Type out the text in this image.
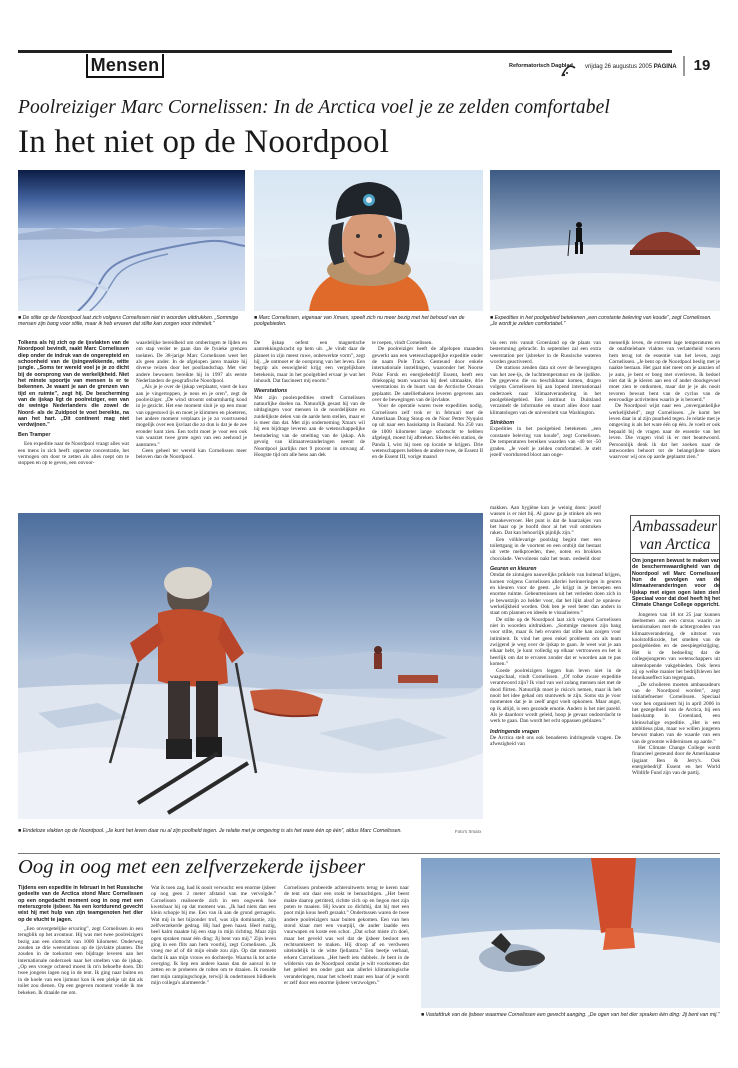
Mensen	Reformatorisch Dagblad vrijdag 26 augustus 2005 PAGINA	19
Poolreiziger Marc Cornelissen: In de Arctica voel je ze zelden comfortabel
In het niet op de Noordpool
■ De stilte op de Noordpool laat zich volgens Cornelissen niet in woorden uitdrukken. „Sommige mensen zijn bang voor stilte, maar ik heb ervaren dat stilte kan zorgen voor intimiteit.”
■ Marc Cornelissen, eigenaar van Xmarx, speelt zich nu meer bezig met het behoud van de poolgebieden.
■ Expedities in het poolgebied betekenen „een constante beleving van koude”, zegt Cornelissen. „Je wordt je zelden comfortabel.”

Tolkens als hij zich op de ijsvlakten van de Noordpool bevindt, raakt Marc Cornelissen diep onder de indruk van de ongerepteid en schoonheid van de ijsingewikkende, witte jungle. „Soms ter wereld voel je je zo dicht bij de oorsprong van de werkelijkheid. Niet het minste spoortje van mensen is er te bekennen. Je waant je aan de grenzen van tijd en ruimte”, zegt hij. De bescherming van de ijskap ligt de poolreiziger, een van de weinige Nederlanders die zowel de Noord- als de Zuidpool te voet bereikte, na aan het hart. „Dit continent mag niet verdwijnen.”

Ben Tramper

Een expeditie naar de Noordpool vraagt alles wat een mens in zich heeft: opperste concentratie, het vermogen om door te zetten als alles roept om te stoppen en op te geven, een onvoor-

waardelijke bereidheid om omberingen te lijden en om stap verder te gaan dan de fysieke grenzen toelaten. De 38-jarige Marc Cornelissen weet het als geen ander. In de afgelopen jaren maakte hij diverse reizen door het poollandschap. Met vier andere bewoners bereikte hij in 1997 als eerste Nederlanders de geografische Noordpool.

„Als je je over de ijskap verplaatst, voert de kou aan je vingertoppen, je neus en je oren”, zegt de poolreiziger. „De wind stroomt onbarmhartig koud in je gezicht. Het ene moment sluit je op een muur van opgestuwd ijs en moet je klimmen en ploeteren, het andere moment verplaats je je zo voortvarend mogelijk over een ijsvlaat die zo dun is dat je de zee eronder kunt zien. Een tocht moet je voor een ook van waarzet twee grote ogen van een zeehond je aanstaren.”

Geen geheel ter wereld kan Cornelissen meer beloven dan de Noordpool.

De ijskap oefent een magnetische aantrekkingskracht op hem uit. „Je vindt daar de planeet in zijn meest ruwe, onbewerkte vorm”, zegt hij. „Je ontmoet er de oorsprong van het leven. Een begrip als eeuwigheid krijg een vergelijkbare betekenis, maar in het poolgebied ervaar je wat het inhoudt. Dat fascineert mij enorm.”

Weerstations

Met zijn poolexpedities streeft Cornelissen natuurlijke doelen na. Natuurlijk gesast hij van de uitdagingen voor mensen in de noordelijkste en zuidelijkste delen van de aarde hem stellen, maar er is meer dan dat. Met zijn onderneming Xmarx wil hij een bijdrage leveren aan de wetenschappelijke bestudering van de smelting van de ijskap. Als gevolg van klimaatveranderingen neemt de Noordpool jaarlijks met 9 procent in omvang af. Hoogste tijd om alle hens aan dek

te roepen, vindt Cornelissen.

De poolreiziger heeft de afgelopen maanden gewerkt aan een wetenschappelijke expeditie onder de naam Pole Track. Gesteund door enkele internationale instellingen, waaronder het Noorse Polar Forsk en energiebedrijf Essent, heeft een driekoppig team waarvan hij deel uitmaakte, drie weerstations in de buurt van de Arctische Oceaan geplaatst. De satellietbakens leveren gegevens aan over de bewegingen van de ijsvlakte.

Voor de operatie waren twee expedities nodig. Cornelissen zelf trok er in februari met de Amerikaan Doug Stoup en de Noor Petter Nyquist op uit naar een basiskamp in Rusland. Na 250 van de 1000 kilometer lange schotscht te hebben afgelegd, moest hij afbreken. Skeltes één station, de Panda I, wist hij toen op locatie te krijgen. Drie wetenschappers hebben de andere twee, de Essent II en de Essent III, vorige maand

via een reis vanuit Groenland op de plaats van bestemming gebracht. In september zal een extra weerstation per ijsbreker in de Russische wateren worden geactiveerd.

De stations zenden data uit over de bewegingen van het zee-ijs, de luchttemperatuur en de ijsdikte. De gegevens die nu beschikbaar komen, dragen volgens Cornelissen bij aan lopend internationaal onderzoek naar klimaatverandering in het poolgebiedgebied. Een instituut in Duitsland verzamelt de informatie en stuurt alles door naar klimatologen van de universiteit van Washington.

Stinkbom

Expedities in het poolgebied betekenen „een constante beleving van koude”, zegt Cornelissen. De temperaturen bereiken waarden van -40 tot -50 graden. „Je voelt je zelden comfortabel. Je stelt jezelf voortdurend bloot aan onge-

menselijk leven, de extreem lage temperaturen en de onafstelebare vlaktes van verlaterheid voeren hem terug tot de essentie van het leven, zegt Cornelissen. „Je bent op de Noordpool beslig met je naakte bestaan. Het gaat niet meer om je aanzien of je auto, je bent er boeg met overleven. Ik bedoel niet dat ik je kleren aan een of ander doodsgevoel moet zien te ontkomen, maar dat je je als nooit tevoren bewust bent van de cyclus van de eenvoudige activiteiten waarin je is beroerd.”

De Noordpool wijst naar een „onvergankelijke werkelijkheid”, zegt Cornelissen. „Je komt het leven daar in al zijn puurheid tegen. Je relatie met je omgeving is als het ware één op één. Je voelt er ook bepaald bij de vragen naar de essentie van het leven. Die vragen vind ik er met beantwoord. Persoonlijk denk ik dat het zoeken naar de antwoorden behoort tot de belangrijkste taken waarvoor wij ons op aarde geplaatst zien.”

■ Eindeloze vlakten op de Noordpool. „Je kunt het leven daar nu al zijn poolheld tegen. Je relatie met je omgeving is als het ware één op één”, aldus Marc Cornelissen.	Foto's Xmarx

makken. Aan hygiëne kun je weinig doen: jezelf wassen is er niet bij. Al gauw ga je stinken als een smaakevervoer. Het punt is dat de haarzakjes van het haar op je hoofd door al het vuil ontstoken raken. Dat kan behoorlijk pijnlijk zijn.”

Een vólklevarige poolslag begint met een toilettgang in de voortent en een ontbijt dat bestaat uit vette melkproeden, thee, noten en brokken chocolade. Vervolgens pakt het team, gedeeld door

Geuren en kleuren

Omdat de zintuigen nauwelijks prikkels van buitenaf krijgen, komen volgens Cornelissen allerlei herinneringen in geuren en kleuren voor de geest. „Je krijgt in je beroepen een enorme ruimte. Gebeurtenissen uit het verleden doen zich in je bewustzijn zo helder voor, dat het lijkt alsof ze opnieuw werkelijkheid worden. Ook ben je veel beter dan anders in staat om plannen en ideeën te visualiseren.”

De stilte op de Noordpool laat zich volgens Cornelissen niet in woorden uitdrukken. „Sommige mensen zijn bang voor stilte, maar ik heb ervaren dat stilte kan zorgen voor intimiteit. Ik vind het geen enkel probleem om als team zwijgend je weg over de ijskap te gaan. Je weet wat je aan elkaar hebt, je kunt volledig op elkaar vertrouwen en het is heerlijk om dat te ervaren zonder dat er woorden aan te pas komen.”

Goede poolreizigers leggen hun leven niet in de waagschaal, vindt Cornelissen. „Of rolke zware expeditie verantwoord zijn? Ik vind van wel zolang mensen niet met de dood flirten. Natuurlijk moet je risico's nemen, maar ik heb nooit het idee gehad om stuntwerk te zijn. Soms sta je voor momenten dat je in zeelf angst voelt opkomen. Maar angst, op ik altijd, is een gezonde emotie. Anders is het niet pareld. Als je daardoor wordt geleid, hoop je gevaar ondoordacht te werk te gaan. Dan wordt het echt oppassen geblazen.”

Indringende vragen

De Arctica stelt ons ook benaderen indringende vragen. De afwezigheid van

Ambassadeur van Arctica

Om jongeren bewust te maken van de beschermwaardigheid van de Noordpool wil Marc Cornelissen hun de gevolgen van de klimaatveranderingen voor de ijskap met eigen ogen laten zien. Speciaal voor dat doel heeft hij het Climate Change College opgericht.

Jongeren van 18 tot 25 jaar kunnen deelnemen aan een cursus waarin ze kennismaken met de achtergronden van klimaatverandering, de uitstoot van koolstofdioxide, het smelten van de poolgebieden en de zeespiegelstijging. Het is de bedoeling dat de collegejongeren van wetenschappers uit uiteenlopende vakgebieden. Ook leren zij op welke manier het bedrijfsleven het broeikaseffect kan tegengaan.

„De scholieren moeten ambassadeurs van de Noordpool worden”, zegt initiatiefnemer Cornelissen. Speciaal voor hen organiseert hij in april 2006 in het gezegelheid van de Arctica, bij een basiskamp in Groenland, een kleinschalige expeditie. „Het is een ambitieus plan, maar we willen jongeren bewust maken van de waarde van een van de grootste wildernissen op aarde.”

Het Climate Change College wordt financieel gesteund door de Amerikaanse ijsgiant Ben & Jerry's. Ook energiebedrijf Essent en het World Wildlife Fund zijn van de partij.

Oog in oog met een zelfverzekerde ijsbeer

Tijdens een expeditie in februari in het Russische gedeelte van de Arctica stond Marc Cornelissen op een ongedacht moment oog in oog met een meterszgrote ijsbeer. Na een kortdurend gevecht wist hij met hulp van zijn teamgenoten het dier op de vlucht te jagen.

„Een onvergetelijke ervaring”, zegt Cornelissen in een terugblik op het avontuur. Hij was met twee poolreizigers bezig aan een slottocht van 1000 kilometer. Onderweg zouden ze drie weerstations op de ijsvlakte planten. Die zouden in de toekomst een bijdrage leveren aan het internationale onderzoek naar het smelten van de ijskap. „Op een vroege ochtend moest ik m'n behoefte doen. Dit twee jongens lagen nog in de tent. Ik ging naar buiten en in de koele van een ijsmuur kon ik een plekje uit dat als toilet zou dienen. Op een gegeven moment voelde ik me bekeken. Ik draaide me om.

Wat ik toen zag, had ik nooit verwacht: een enorme ijsbeer op nog geen 2 meter afstand van me vervolgde.” Cornelissen realiseerde zich in een oogwenk hoe kwetsbaar hij op dat moment was. „Ik had niets dan een klein schopje bij me. Een van ik aan de grond gernagels. Wat mij in het bijzonder trof, was zijn dominantie, zijn zelfverzekerde gedrag. Hij had geen haast. Heel rustig, heel kalm maakte hij een stap in mijn richting. Maar zijn ogen spraken maar één ding: Jij bent van mij.” Zijn leven ging in een flits aan hem voorbij, zegt Cornelissen. „Ik vroeg me af of dit mijn einde zou zijn. Op dat moment dacht ik aan mijn vrouw en dochtertje. Waarna ik tot actie overging. Ik liep een andere kaaus dan de aanval in te zetten en te proberen de rolten om te draaien. Ik roeulde met mijn campingschopje, terwijl ik ondertussen hiidkeels mijn collega's alarmeerde.”

Cornelissen probeerde achteruitwerts terug te keren naar de tent om daar een stokt te bemachtigen. „Het beest makte daarop getriterd, richtte zich op en begon met zijn poten te maaien. Hij kwam zo dichtbij, dat hij met een poot mijn kous heeft geraakt.” Ondertussen waren de twee andere poolreizigers naar buiten gekomen. Een van hen stond klaar met een vuurpijl, de ander laadde een vuurwapen en koste een schot. „Dat schot miste z'n doel, maar het geveld was wel dat de ijsbeer besloot een rechtsomkeert te maken. Hij droop af en verdween uiteindelijk in de witte fjellastra.” Een beetje verbaal, erkent Cornelissen. „Het heeft iets dubbels. Je bent in de wildernis van de Noordpool omdat je wilt voorkomen dat het gebied ten onder gaat aan allerlei klimatologische veranderingen, maar het scheelt maar een haar of je wordt er zelf door een enorme ijsbeer verzwolgen.”

■ Vastafdruk van de ijsbeer waarmee Cornelissen een gevecht aanging. „De ogen van het dier spraken één ding: Jij bent van mij.”
